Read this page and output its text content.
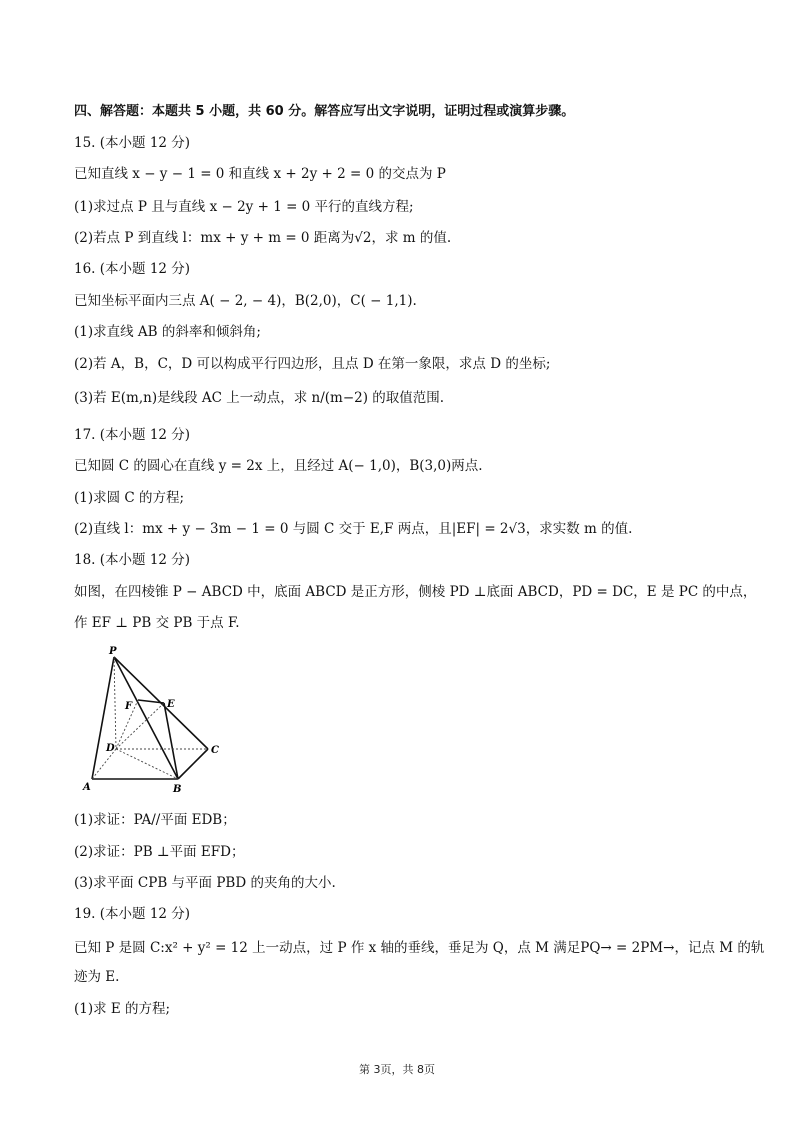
四、解答题：本题共 5 小题，共 60 分。解答应写出文字说明，证明过程或演算步骤。
15. (本小题 12 分)
已知直线 x − y − 1 = 0 和直线 x + 2y + 2 = 0 的交点为 P
(1)求过点 P 且与直线 x − 2y + 1 = 0 平行的直线方程;
(2)若点 P 到直线 l：mx + y + m = 0 距离为√2，求 m 的值.
16. (本小题 12 分)
已知坐标平面内三点 A( − 2, − 4)，B(2,0)，C( − 1,1).
(1)求直线 AB 的斜率和倾斜角;
(2)若 A，B，C，D 可以构成平行四边形，且点 D 在第一象限，求点 D 的坐标;
(3)若 E(m,n)是线段 AC 上一动点，求 n/(m−2) 的取值范围.
17. (本小题 12 分)
已知圆 C 的圆心在直线 y = 2x 上，且经过 A(− 1,0)，B(3,0)两点.
(1)求圆 C 的方程;
(2)直线 l：mx + y − 3m − 1 = 0 与圆 C 交于 E,F 两点，且|EF| = 2√3，求实数 m 的值.
18. (本小题 12 分)
如图，在四棱锥 P − ABCD 中，底面 ABCD 是正方形，侧棱 PD ⊥底面 ABCD，PD = DC，E 是 PC 的中点，
作 EF ⊥ PB 交 PB 于点 F.
P
F	E
D	C
A	B
(1)求证：PA//平面 EDB；
(2)求证：PB ⊥平面 EFD；
(3)求平面 CPB 与平面 PBD 的夹角的大小.
19. (本小题 12 分)
已知 P 是圆 C:x² + y² = 12 上一动点，过 P 作 x 轴的垂线，垂足为 Q，点 M 满足PQ→ = 2PM→，记点 M 的轨
迹为 E.
(1)求 E 的方程;
第 3页，共 8页
